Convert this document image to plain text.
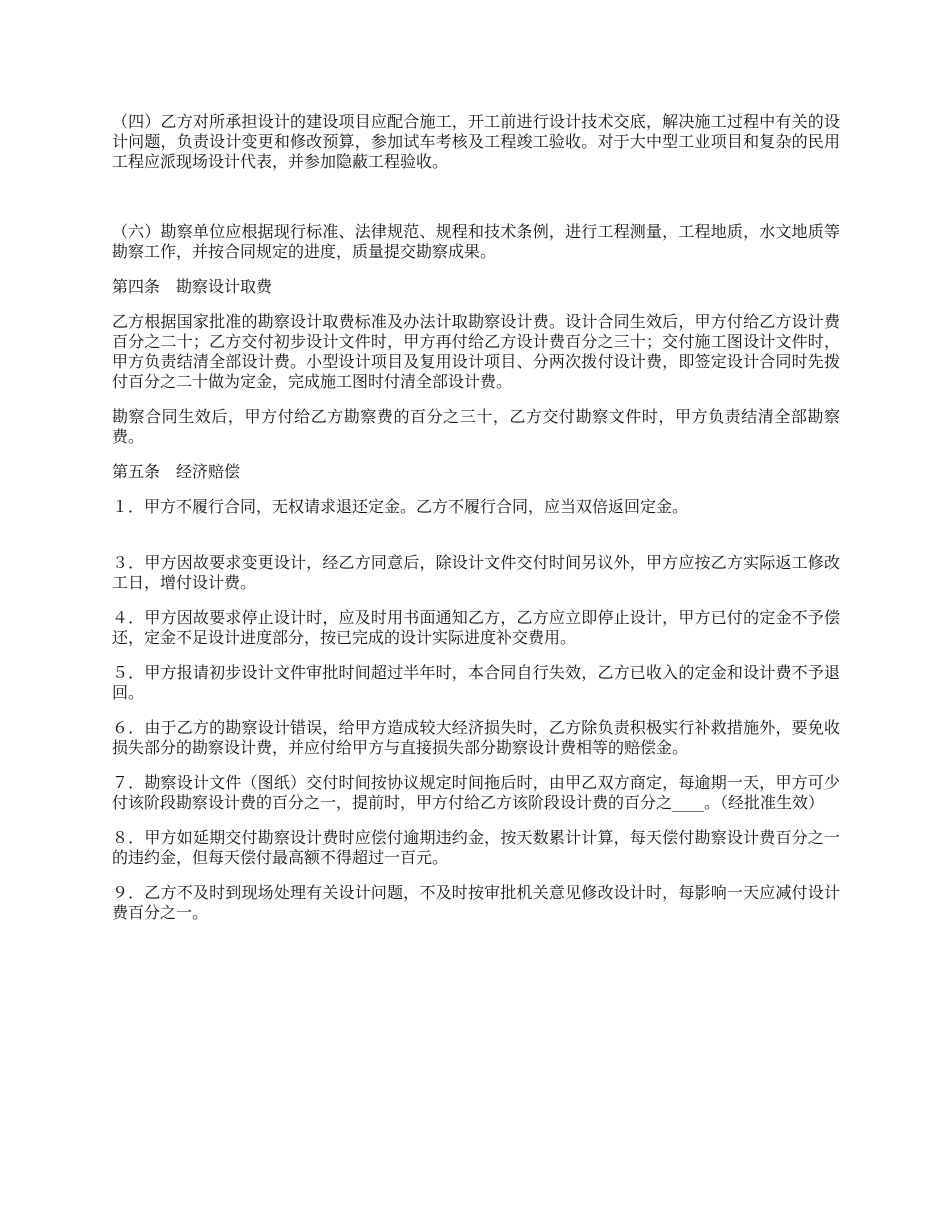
（四）乙方对所承担设计的建设项目应配合施工，开工前进行设计技术交底，解决施工过程中有关的设计问题，负责设计变更和修改预算，参加试车考核及工程竣工验收。对于大中型工业项目和复杂的民用工程应派现场设计代表，并参加隐蔽工程验收。

（六）勘察单位应根据现行标准、法律规范、规程和技术条例，进行工程测量，工程地质，水文地质等勘察工作，并按合同规定的进度，质量提交勘察成果。

第四条　勘察设计取费

乙方根据国家批准的勘察设计取费标准及办法计取勘察设计费。设计合同生效后，甲方付给乙方设计费百分之二十；乙方交付初步设计文件时，甲方再付给乙方设计费百分之三十；交付施工图设计文件时，甲方负责结清全部设计费。小型设计项目及复用设计项目、分两次拨付设计费，即签定设计合同时先拨付百分之二十做为定金，完成施工图时付清全部设计费。

勘察合同生效后，甲方付给乙方勘察费的百分之三十，乙方交付勘察文件时，甲方负责结清全部勘察费。

第五条　经济赔偿

１．甲方不履行合同，无权请求退还定金。乙方不履行合同，应当双倍返回定金。

３．甲方因故要求变更设计，经乙方同意后，除设计文件交付时间另议外，甲方应按乙方实际返工修改工日，增付设计费。

４．甲方因故要求停止设计时，应及时用书面通知乙方，乙方应立即停止设计，甲方已付的定金不予偿还，定金不足设计进度部分，按已完成的设计实际进度补交费用。

５．甲方报请初步设计文件审批时间超过半年时，本合同自行失效，乙方已收入的定金和设计费不予退回。

６．由于乙方的勘察设计错误，给甲方造成较大经济损失时，乙方除负责积极实行补救措施外，要免收损失部分的勘察设计费，并应付给甲方与直接损失部分勘察设计费相等的赔偿金。

７．勘察设计文件（图纸）交付时间按协议规定时间拖后时，由甲乙双方商定，每逾期一天，甲方可少付该阶段勘察设计费的百分之一，提前时，甲方付给乙方该阶段设计费的百分之____。（经批准生效）

８．甲方如延期交付勘察设计费时应偿付逾期违约金，按天数累计计算，每天偿付勘察设计费百分之一的违约金，但每天偿付最高额不得超过一百元。

９．乙方不及时到现场处理有关设计问题，不及时按审批机关意见修改设计时，每影响一天应减付设计费百分之一。
